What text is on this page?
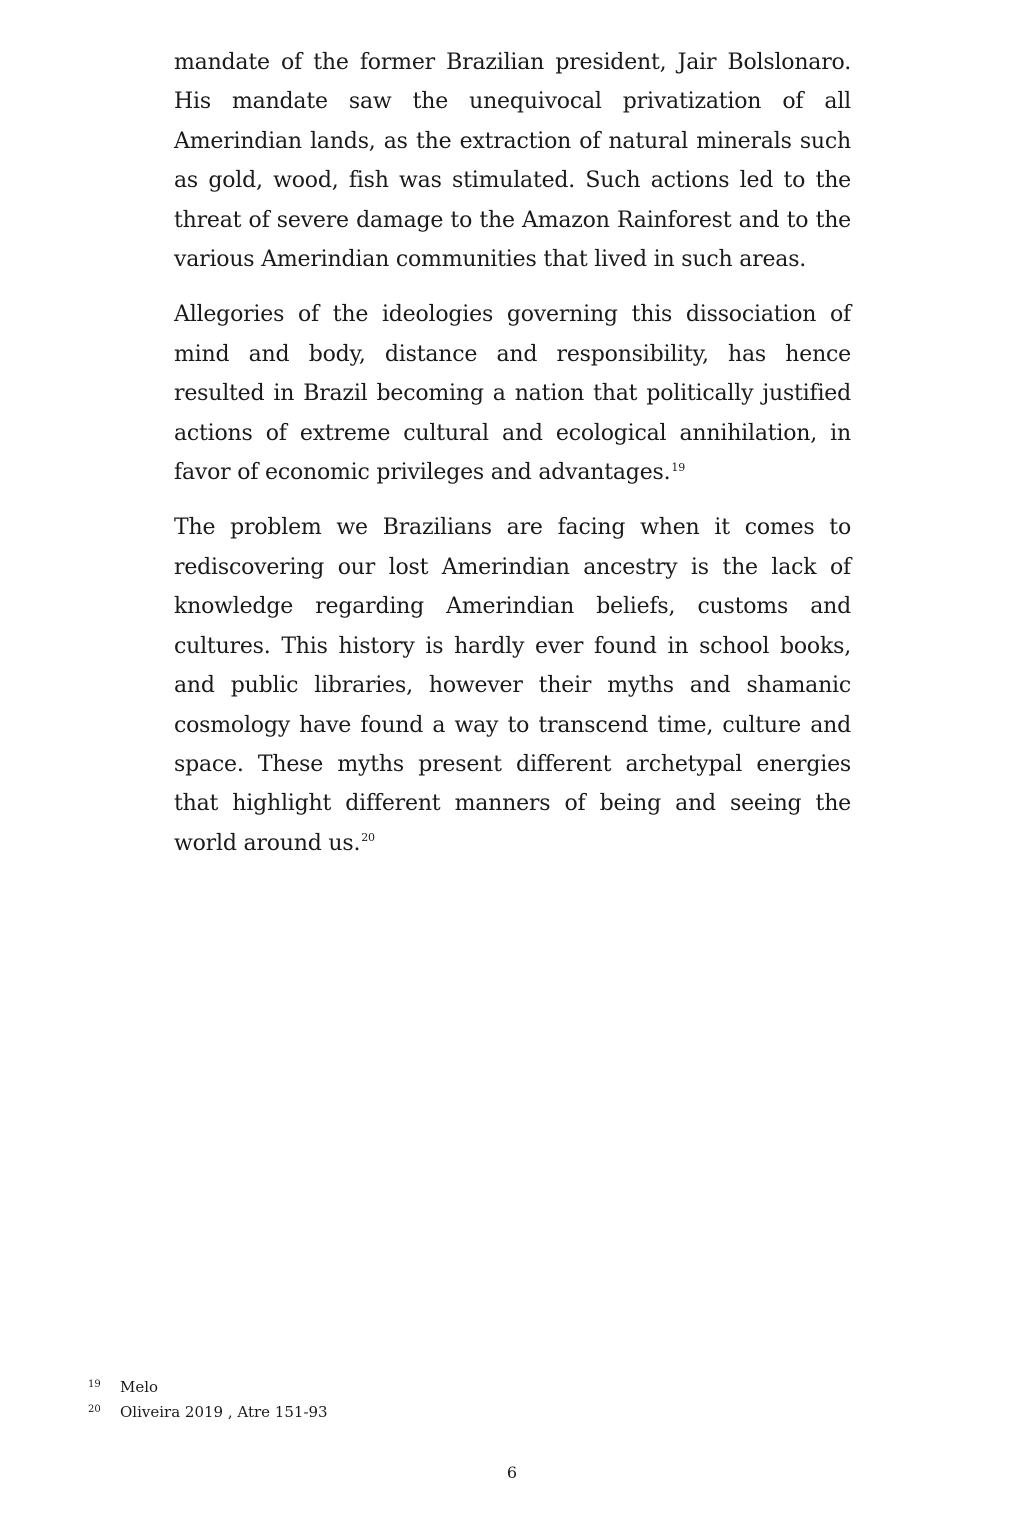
mandate of the former Brazilian president, Jair Bolslonaro. His mandate saw the unequivocal privatization of all Amerindian lands, as the extraction of natural minerals such as gold, wood, fish was stimulated. Such actions led to the threat of severe damage to the Amazon Rainforest and to the various Amerindian communities that lived in such areas.

Allegories of the ideologies governing this dissociation of mind and body, distance and responsibility, has hence resulted in Brazil becoming a nation that politically justified actions of extreme cultural and ecological annihilation, in favor of economic privileges and advantages.$^{19}$

The problem we Brazilians are facing when it comes to rediscovering our lost Amerindian ancestry is the lack of knowledge regarding Amerindian beliefs, customs and cultures. This history is hardly ever found in school books, and public libraries, however their myths and shamanic cosmology have found a way to transcend time, culture and space. These myths present different archetypal energies that highlight different manners of being and seeing the world around us.$^{20}$

19	Melo
20	Oliveira 2019 , Atre 151-93
6
